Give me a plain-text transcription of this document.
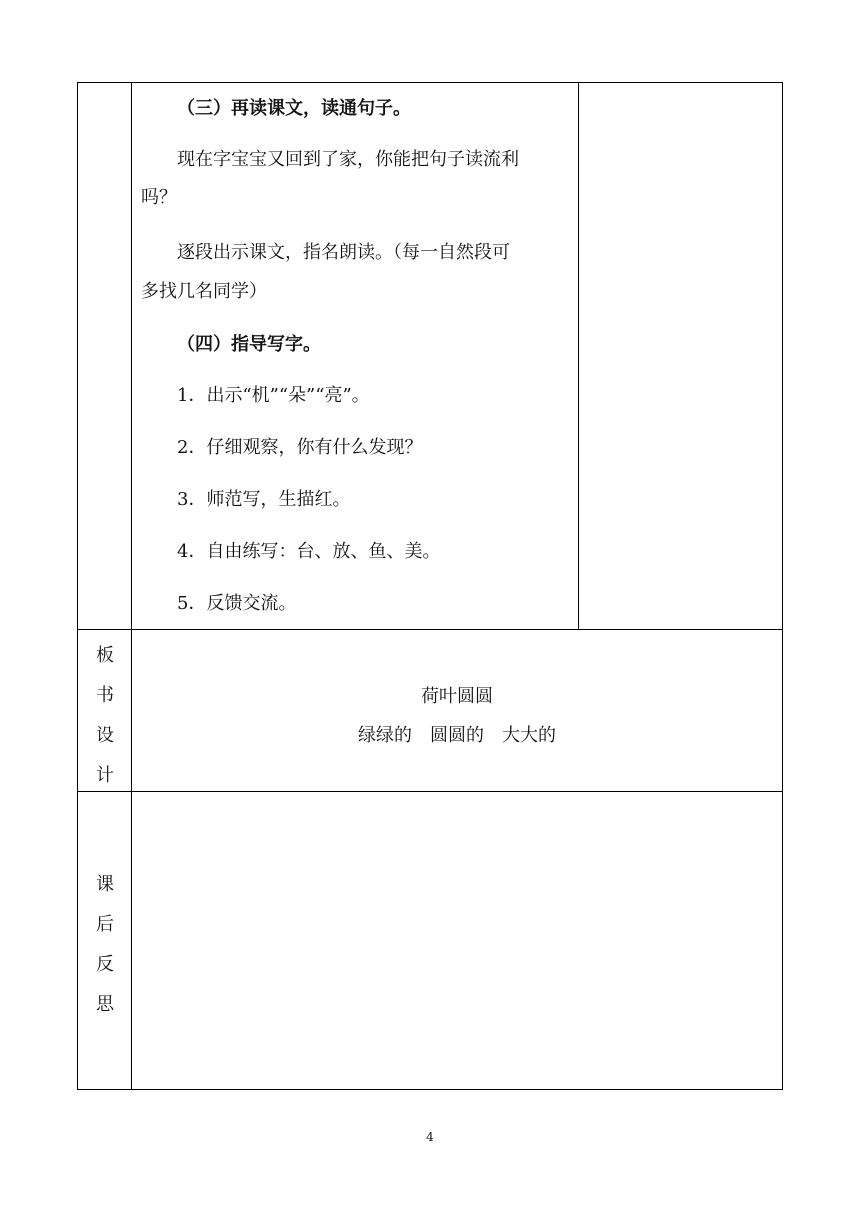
（三）再读课文，读通句子。

现在字宝宝又回到了家，你能把句子读流利

吗？

逐段出示课文，指名朗读。（每一自然段可

多找几名同学）

（四）指导写字。

1．出示“机”“朵”“亮”。

2．仔细观察，你有什么发现？

3．师范写，生描红。

4．自由练写：台、放、鱼、美。

5．反馈交流。

板
书
设
计
荷叶圆圆
绿绿的　圆圆的　大大的
课
后
反
思
4
